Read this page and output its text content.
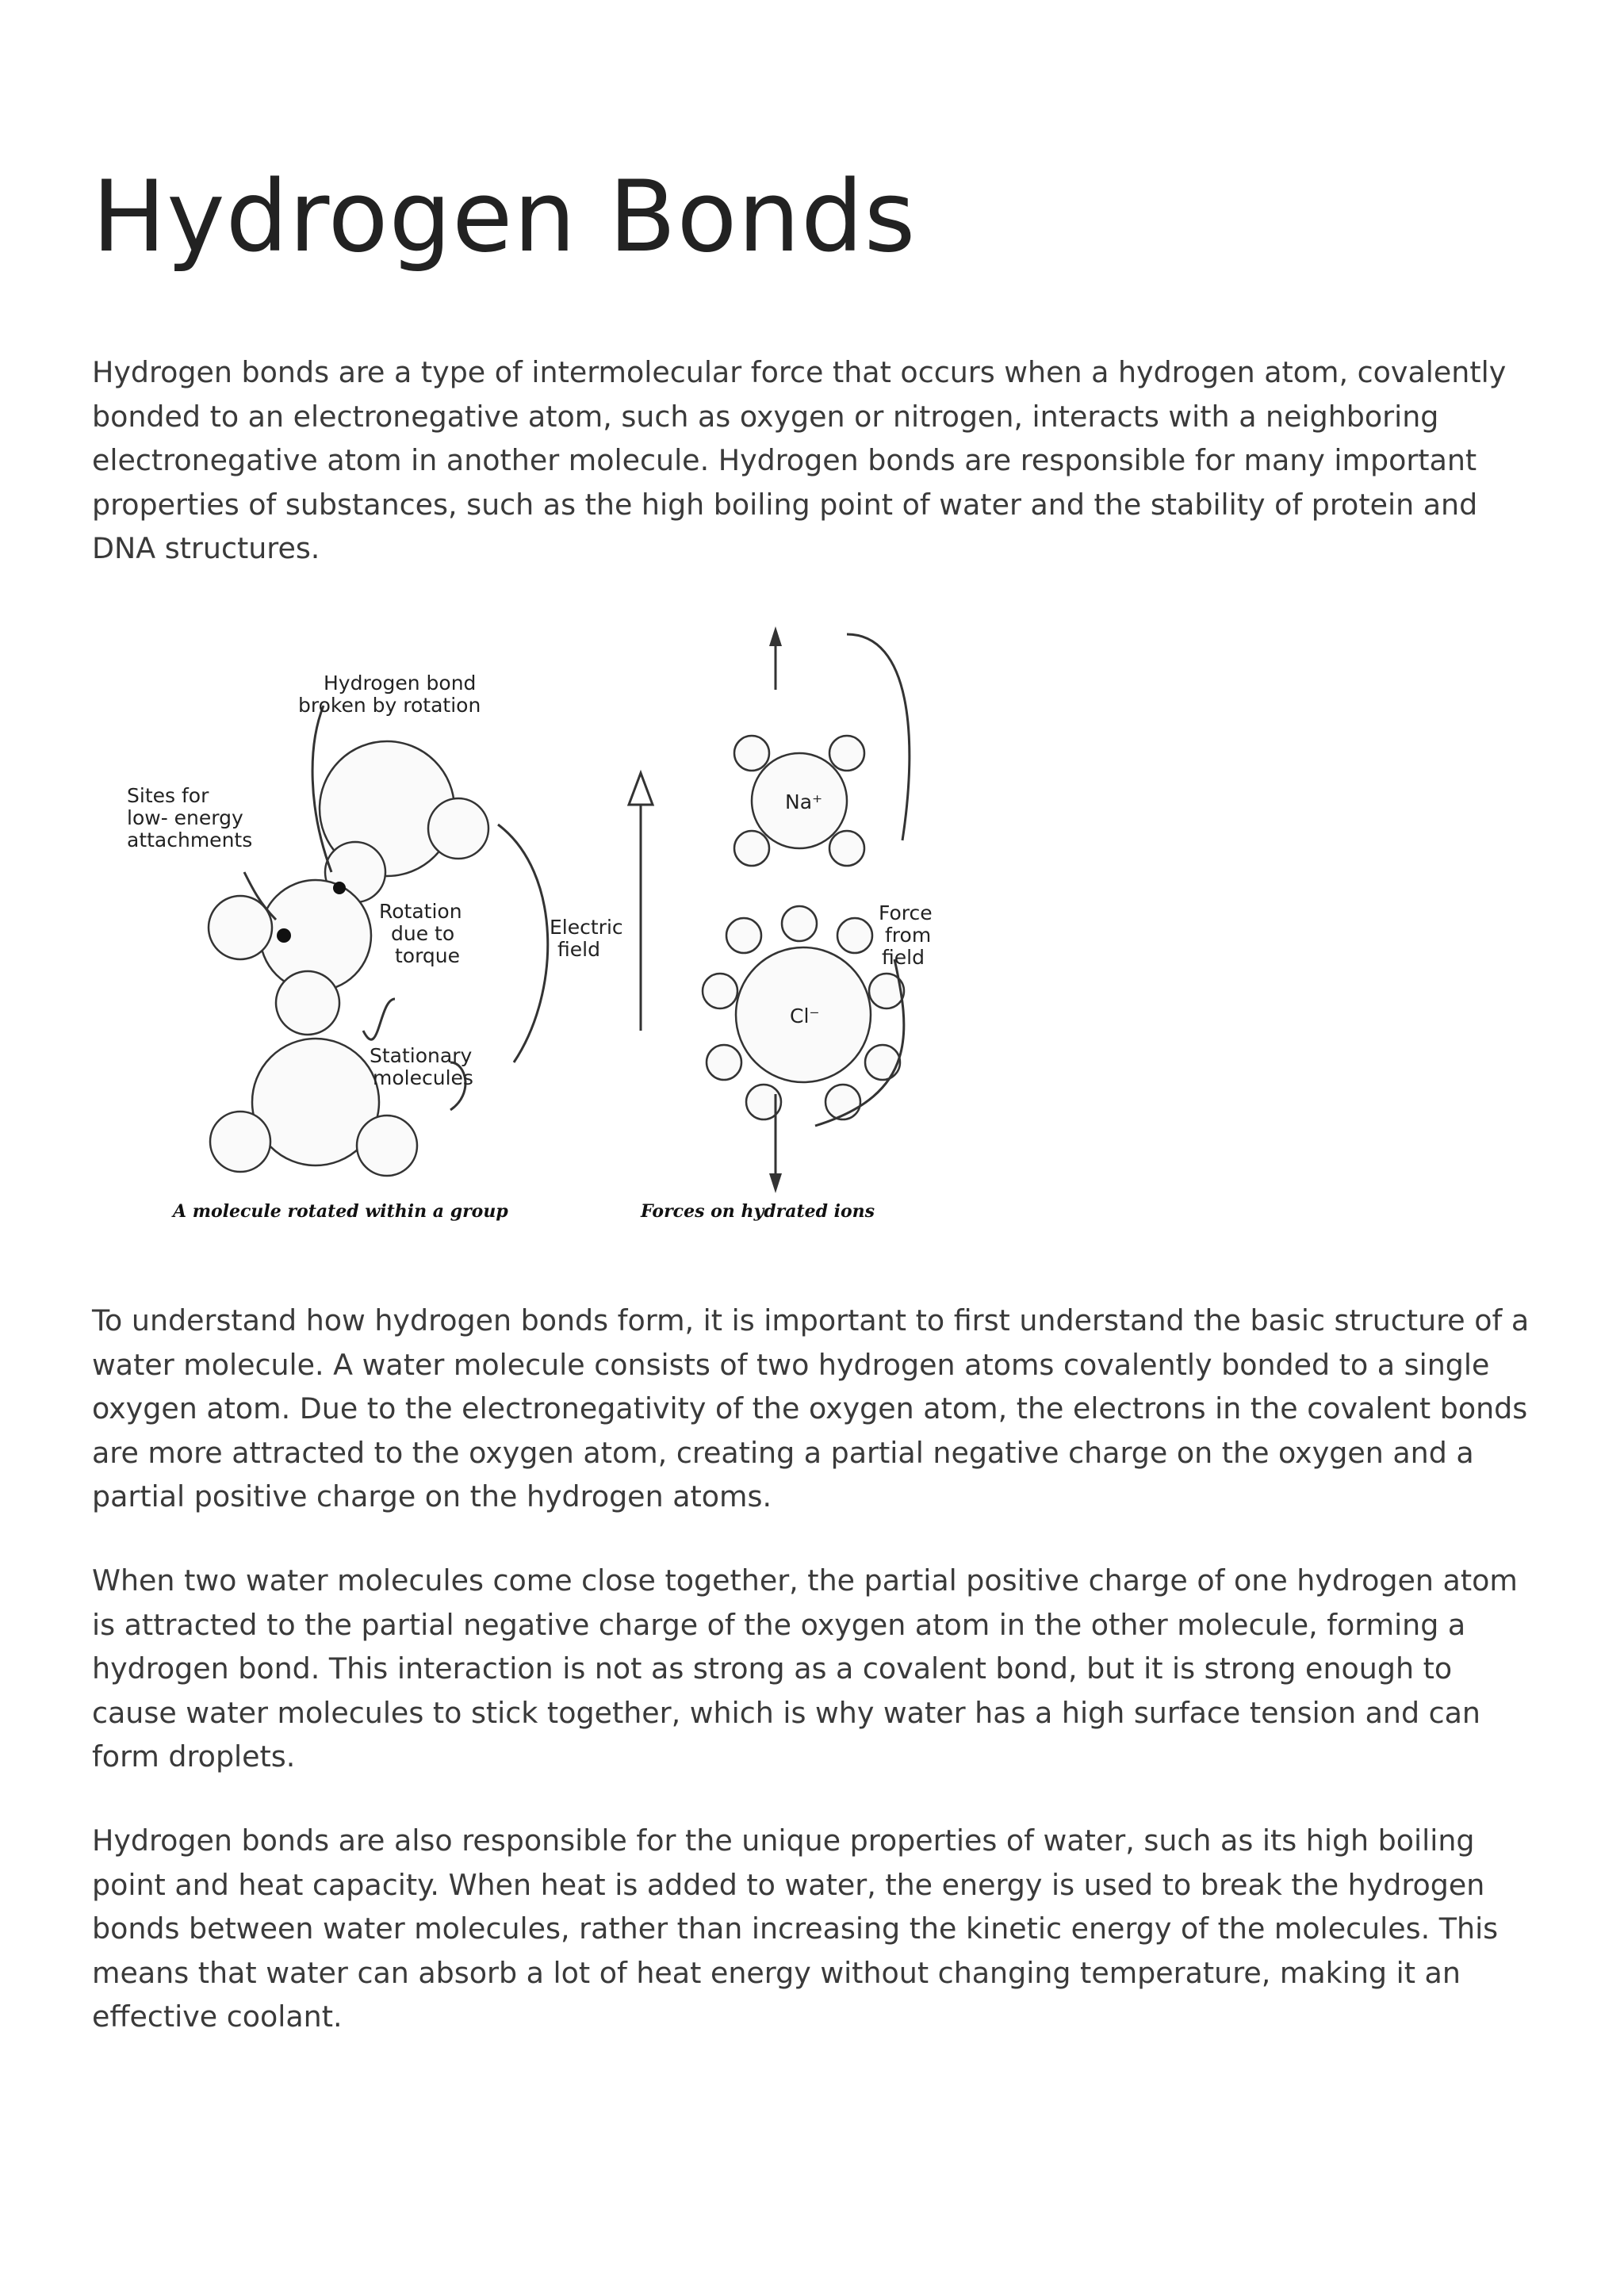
Hydrogen Bonds

Hydrogen bonds are a type of intermolecular force that occurs when a hydrogen atom, covalently bonded to an electronegative atom, such as oxygen or nitrogen, interacts with a neighboring electronegative atom in another molecule. Hydrogen bonds are responsible for many important properties of substances, such as the high boiling point of water and the stability of protein and DNA structures.

Hydrogen bond
broken by rotation
Sites for
low- energy
attachments
Rotation
due to
torque
Stationary
molecules
Electric
field
Force
from
field
Na⁺
Cl⁻
A molecule rotated within a group	Forces on hydrated ions

To understand how hydrogen bonds form, it is important to first understand the basic structure of a water molecule. A water molecule consists of two hydrogen atoms covalently bonded to a single oxygen atom. Due to the electronegativity of the oxygen atom, the electrons in the covalent bonds are more attracted to the oxygen atom, creating a partial negative charge on the oxygen and a partial positive charge on the hydrogen atoms.

When two water molecules come close together, the partial positive charge of one hydrogen atom is attracted to the partial negative charge of the oxygen atom in the other molecule, forming a hydrogen bond. This interaction is not as strong as a covalent bond, but it is strong enough to cause water molecules to stick together, which is why water has a high surface tension and can form droplets.

Hydrogen bonds are also responsible for the unique properties of water, such as its high boiling point and heat capacity. When heat is added to water, the energy is used to break the hydrogen bonds between water molecules, rather than increasing the kinetic energy of the molecules. This means that water can absorb a lot of heat energy without changing temperature, making it an effective coolant.
